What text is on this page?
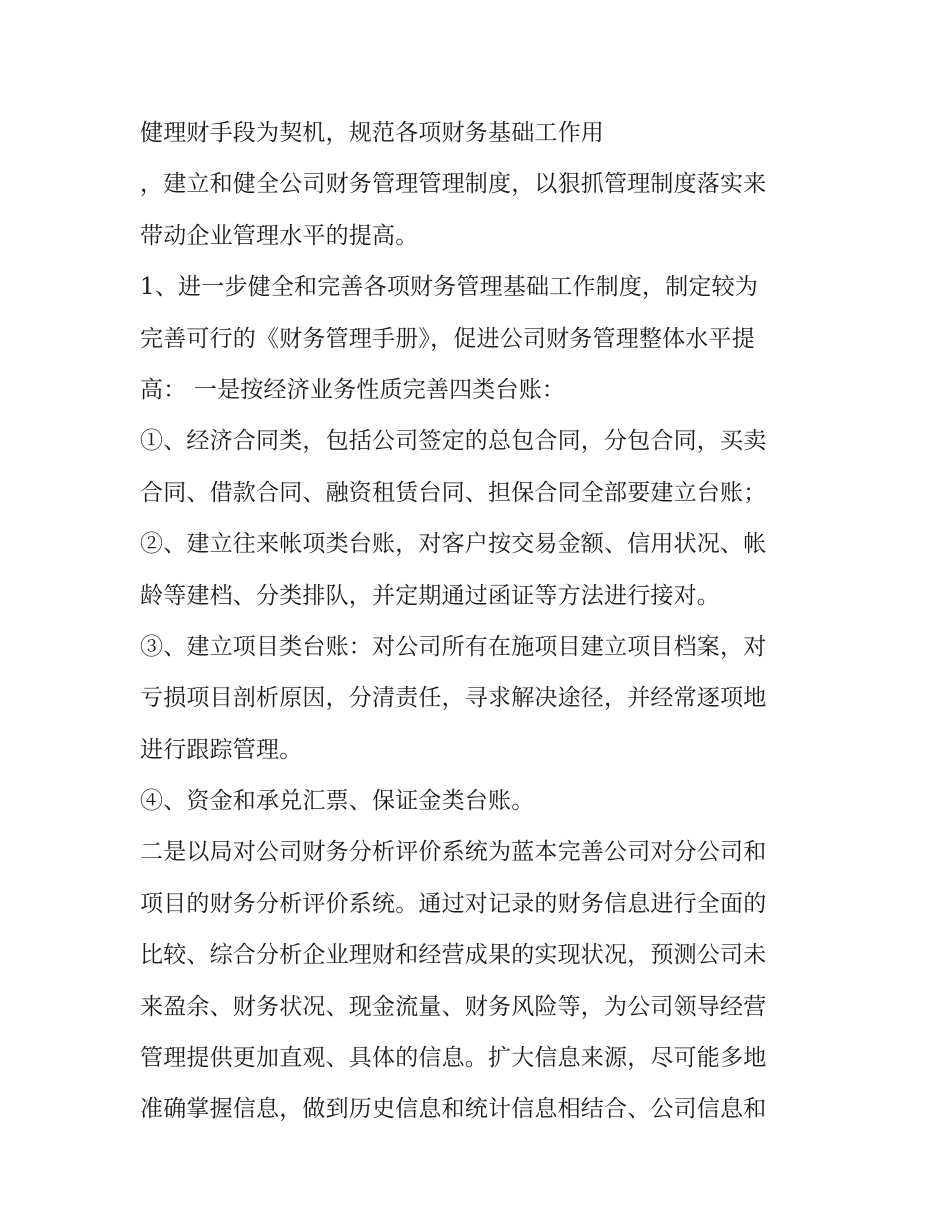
健理财手段为契机，规范各项财务基础工作用
，建立和健全公司财务管理管理制度，以狠抓管理制度落实来
带动企业管理水平的提高。
1、进一步健全和完善各项财务管理基础工作制度，制定较为
完善可行的《财务管理手册》，促进公司财务管理整体水平提
高： 一是按经济业务性质完善四类台账：
①、经济合同类，包括公司签定的总包合同，分包合同，买卖
合同、借款合同、融资租赁台同、担保合同全部要建立台账；
②、建立往来帐项类台账，对客户按交易金额、信用状况、帐
龄等建档、分类排队，并定期通过函证等方法进行接对。
③、建立项目类台账：对公司所有在施项目建立项目档案，对
亏损项目剖析原因，分清责任，寻求解决途径，并经常逐项地
进行跟踪管理。
④、资金和承兑汇票、保证金类台账。
二是以局对公司财务分析评价系统为蓝本完善公司对分公司和
项目的财务分析评价系统。通过对记录的财务信息进行全面的
比较、综合分析企业理财和经营成果的实现状况，预测公司未
来盈余、财务状况、现金流量、财务风险等，为公司领导经营
管理提供更加直观、具体的信息。扩大信息来源，尽可能多地
准确掌握信息，做到历史信息和统计信息相结合、公司信息和
